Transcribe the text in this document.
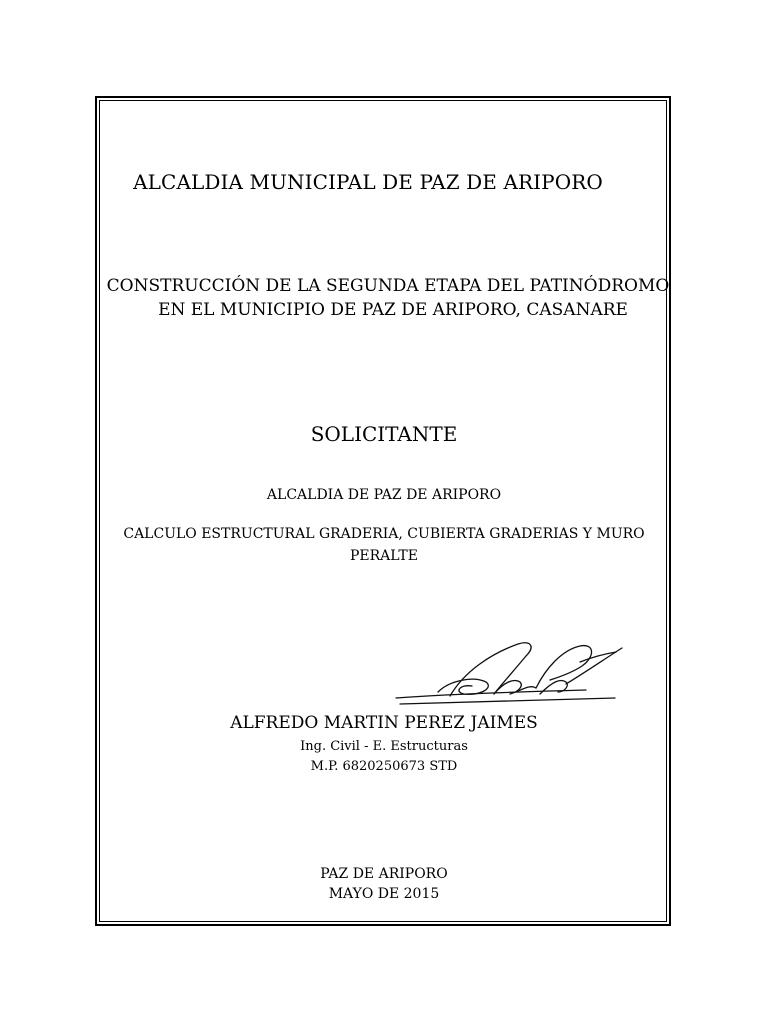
ALCALDIA MUNICIPAL DE PAZ DE ARIPORO
CONSTRUCCIÓN DE LA SEGUNDA ETAPA DEL PATINÓDROMO
EN EL MUNICIPIO DE PAZ DE ARIPORO, CASANARE
SOLICITANTE
ALCALDIA DE PAZ DE ARIPORO
CALCULO ESTRUCTURAL GRADERIA, CUBIERTA GRADERIAS Y MURO
PERALTE
ALFREDO MARTIN PEREZ JAIMES
Ing. Civil - E. Estructuras
M.P. 6820250673 STD
PAZ DE ARIPORO
MAYO DE 2015
